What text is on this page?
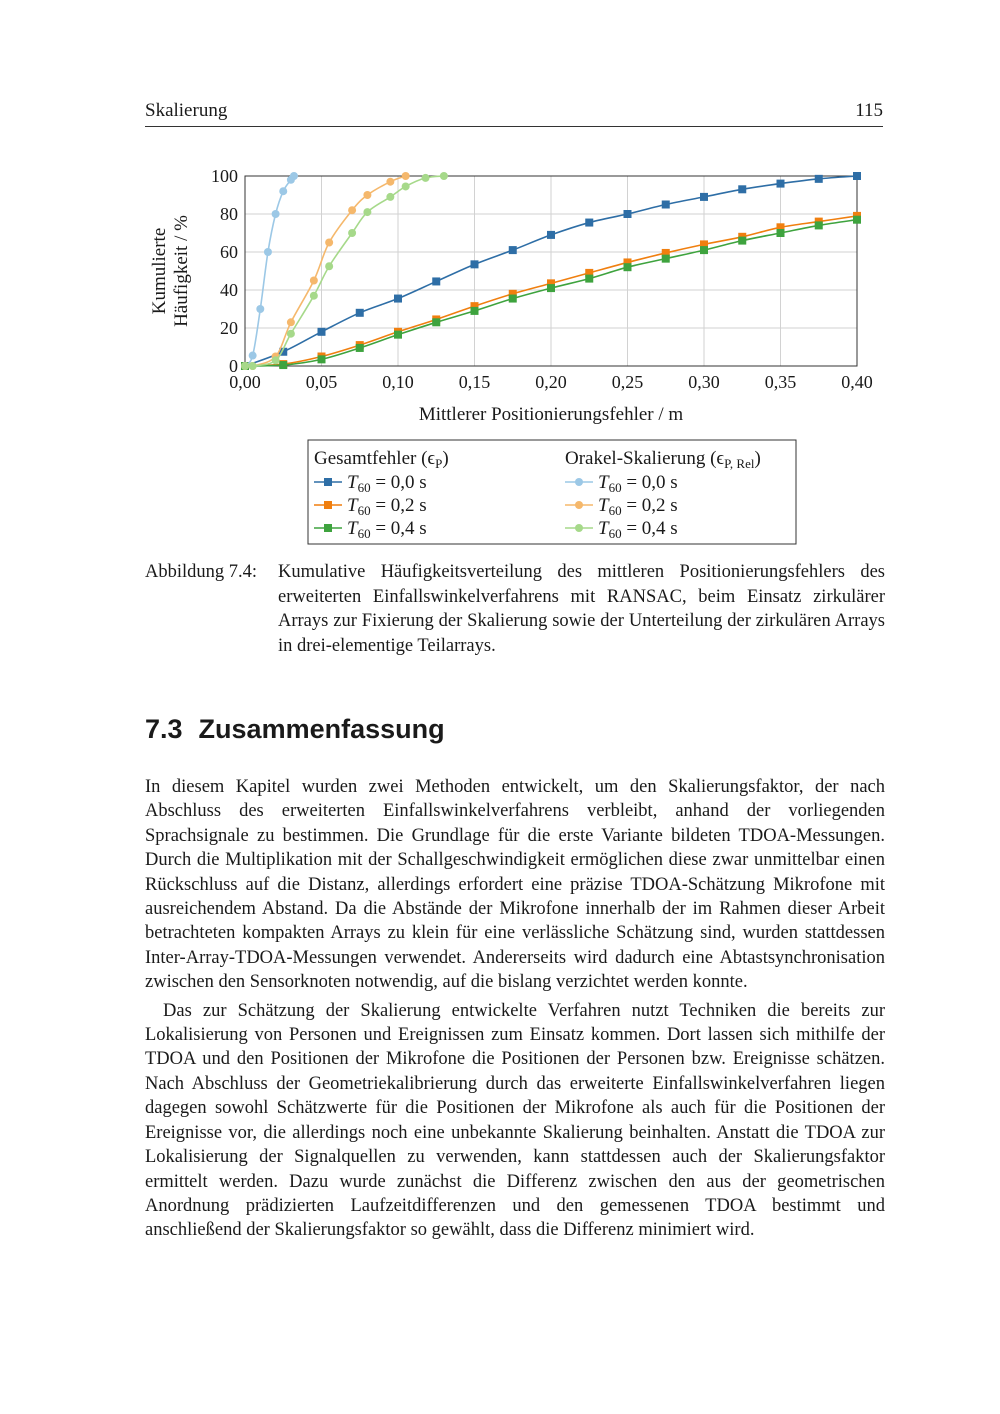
Skalierung	115
0,00	0,05	0,10	0,15	0,20	0,25	0,30	0,35	0,40
0
20
40
60
80
100
Kumulierte Häufigkeit / %
Mittlerer Positionierungsfehler / m
Gesamtfehler $(\epsilon_P)$	Orakel-Skalierung $(\epsilon_{P, Rel})$
$T_{60} = 0,0$ s	$T_{60} = 0,0$ s
$T_{60} = 0,2$ s	$T_{60} = 0,2$ s
$T_{60} = 0,4$ s	$T_{60} = 0,4$ s
Abbildung 7.4: Kumulative Häufigkeitsverteilung des mittleren Positionierungsfehlers des erweiterten Einfallswinkelverfahrens mit RANSAC, beim Einsatz zirkulärer Arrays zur Fixierung der Skalierung sowie der Unterteilung der zirkulären Arrays in drei-elementige Teilarrays.
7.3 Zusammenfassung

In diesem Kapitel wurden zwei Methoden entwickelt, um den Skalierungsfaktor, der nach Abschluss des erweiterten Einfallswinkelverfahrens verbleibt, anhand der vorliegenden Sprachsignale zu bestimmen. Die Grundlage für die erste Variante bildeten TDOA-Messungen. Durch die Multiplikation mit der Schallgeschwindigkeit ermöglichen diese zwar unmittelbar einen Rückschluss auf die Distanz, allerdings erfordert eine präzise TDOA-Schätzung Mikrofone mit ausreichendem Abstand. Da die Abstände der Mikrofone innerhalb der im Rahmen dieser Arbeit betrachteten kompakten Arrays zu klein für eine verlässliche Schätzung sind, wurden stattdessen Inter-Array-TDOA-Messungen verwendet. Andererseits wird dadurch eine Abtastsynchronisation zwischen den Sensorknoten notwendig, auf die bislang verzichtet werden konnte.

Das zur Schätzung der Skalierung entwickelte Verfahren nutzt Techniken die bereits zur Lokalisierung von Personen und Ereignissen zum Einsatz kommen. Dort lassen sich mithilfe der TDOA und den Positionen der Mikrofone die Positionen der Personen bzw. Ereignisse schätzen. Nach Abschluss der Geometriekalibrierung durch das erweiterte Einfallswinkelverfahren liegen dagegen sowohl Schätzwerte für die Positionen der Mikrofone als auch für die Positionen der Ereignisse vor, die allerdings noch eine unbekannte Skalierung beinhalten. Anstatt die TDOA zur Lokalisierung der Signalquellen zu verwenden, kann stattdessen auch der Skalierungsfaktor ermittelt werden. Dazu wurde zunächst die Differenz zwischen den aus der geometrischen Anordnung prädizierten Laufzeitdifferenzen und den gemessenen TDOA bestimmt und anschließend der Skalierungsfaktor so gewählt, dass die Differenz minimiert wird.
